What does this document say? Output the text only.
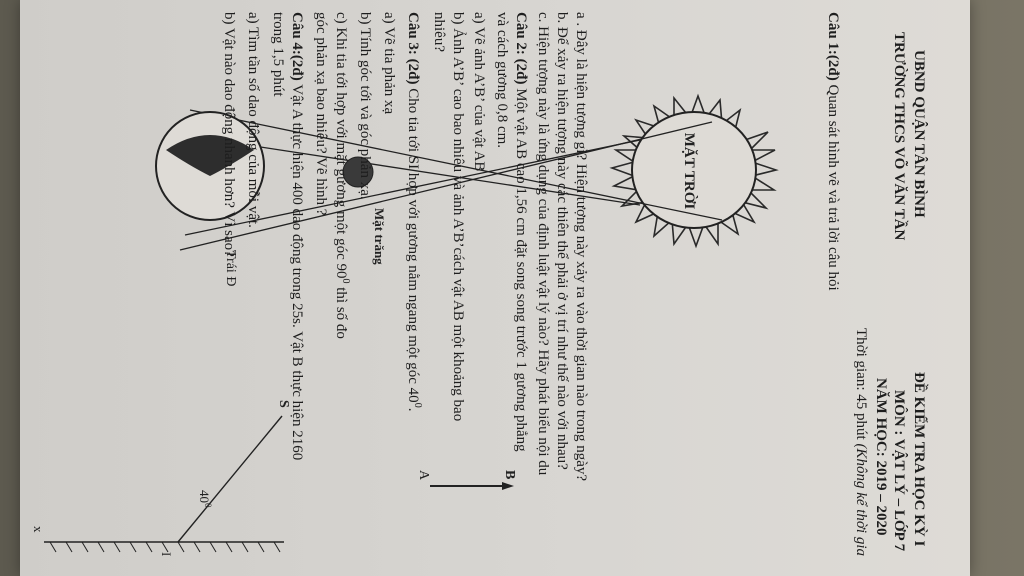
UBND QUẬN TÂN BÌNH
TRƯỜNG THCS VÕ VĂN TẦN
ĐỀ KIỂM TRA HỌC KỲ I
MÔN : VẬT LÝ – LỚP 7
NĂM HỌC: 2019 – 2020
Thời gian: 45 phút (Không kể thời gia
Câu 1:(2đ) Quan sát hình vẽ và trả lời câu hỏi
MẶT TRỜI
Mặt trăng
Trái Đ	a . Đây là hiện tượng gì? Hiện tượng này xảy ra vào thời gian nào trong ngày?
b. Để xảy ra hiện tượng này các thiên thể phải ở vị trí như thế nào với nhau?
c. Hiện tượng này là ứng dụng của định luật vật lý nào? Hãy phát biểu nội du
Câu 2: (2đ) Một vật AB cao 1,56 cm đặt song song trước 1 gương phẳng
và cách gương 0,8 cm.
a) Vẽ ảnh A’B’ của vật AB
b) Ảnh A’B’ cao bao nhiêu và ảnh A’B’cách vật AB một khoảng bao
nhiêu?
B
A
Câu 3: (2đ) Cho tia tới SI hợp với gương nằm ngang một góc $40^0$.
a) Vẽ tia phản xạ
b) Tính góc tới và góc phản xạ.
c) Khi tia tới hợp với mặt gương một góc $90^0$ thì số đo
góc phản xạ bao nhiêu? Vẽ hình ?
S
$40^0$
x
I
Câu 4:(2đ) Vật A thực hiện 400 dao động trong 25s. Vật B thực hiện 2160
trong 1,5 phút
a) Tìm tần số dao động của mỗi vật.
b) Vật nào dao động nhanh hơn? Vì sao?
